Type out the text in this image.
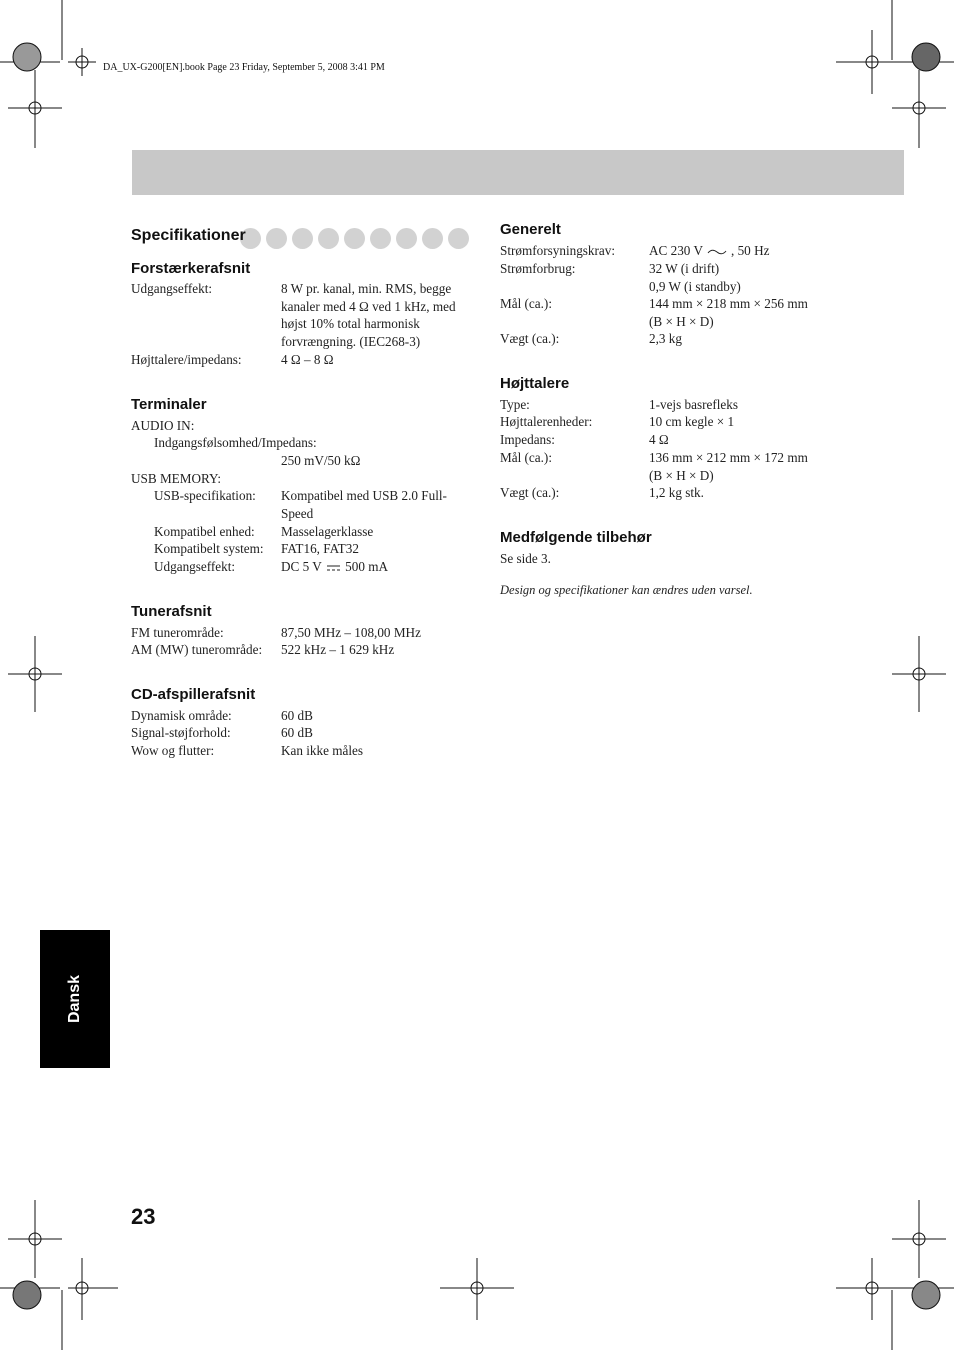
DA_UX-G200[EN].book Page 23 Friday, September 5, 2008 3:41 PM
Specifikationer
Forstærkerafsnit
Udgangseffekt:	8 W pr. kanal, min. RMS, begge
kanaler med 4 Ω ved 1 kHz, med
højst 10% total harmonisk
forvrængning. (IEC268-3)
Højttalere/impedans:	4 Ω – 8 Ω
Terminaler
AUDIO IN:
Indgangsfølsomhed/Impedans:
250 mV/50 kΩ
USB MEMORY:
USB-specifikation: Kompatibel med USB 2.0 Full-
Speed
Kompatibel enhed: Masselagerklasse
Kompatibelt system: FAT16, FAT32
Udgangseffekt:	DC 5 V 500 mA
Tunerafsnit
FM tunerområde:	87,50 MHz – 108,00 MHz
AM (MW) tunerområde: 522 kHz – 1 629 kHz
CD-afspillerafsnit
Dynamisk område:	60 dB
Signal-støjforhold:	60 dB
Wow og flutter:	Kan ikke måles
Generelt
Strømforsyningskrav:	AC 230 V , 50 Hz
Strømforbrug:	32 W (i drift)
0,9 W (i standby)
Mål (ca.):	144 mm × 218 mm × 256 mm
(B × H × D)
Vægt (ca.):	2,3 kg
Højttalere
Type:	1-vejs basrefleks
Højttalerenheder:	10 cm kegle × 1
Impedans:	4 Ω
Mål (ca.):	136 mm × 212 mm × 172 mm
(B × H × D)
Vægt (ca.):	1,2 kg stk.
Medfølgende tilbehør
Se side 3.
Design og specifikationer kan ændres uden varsel.
Dansk
23
